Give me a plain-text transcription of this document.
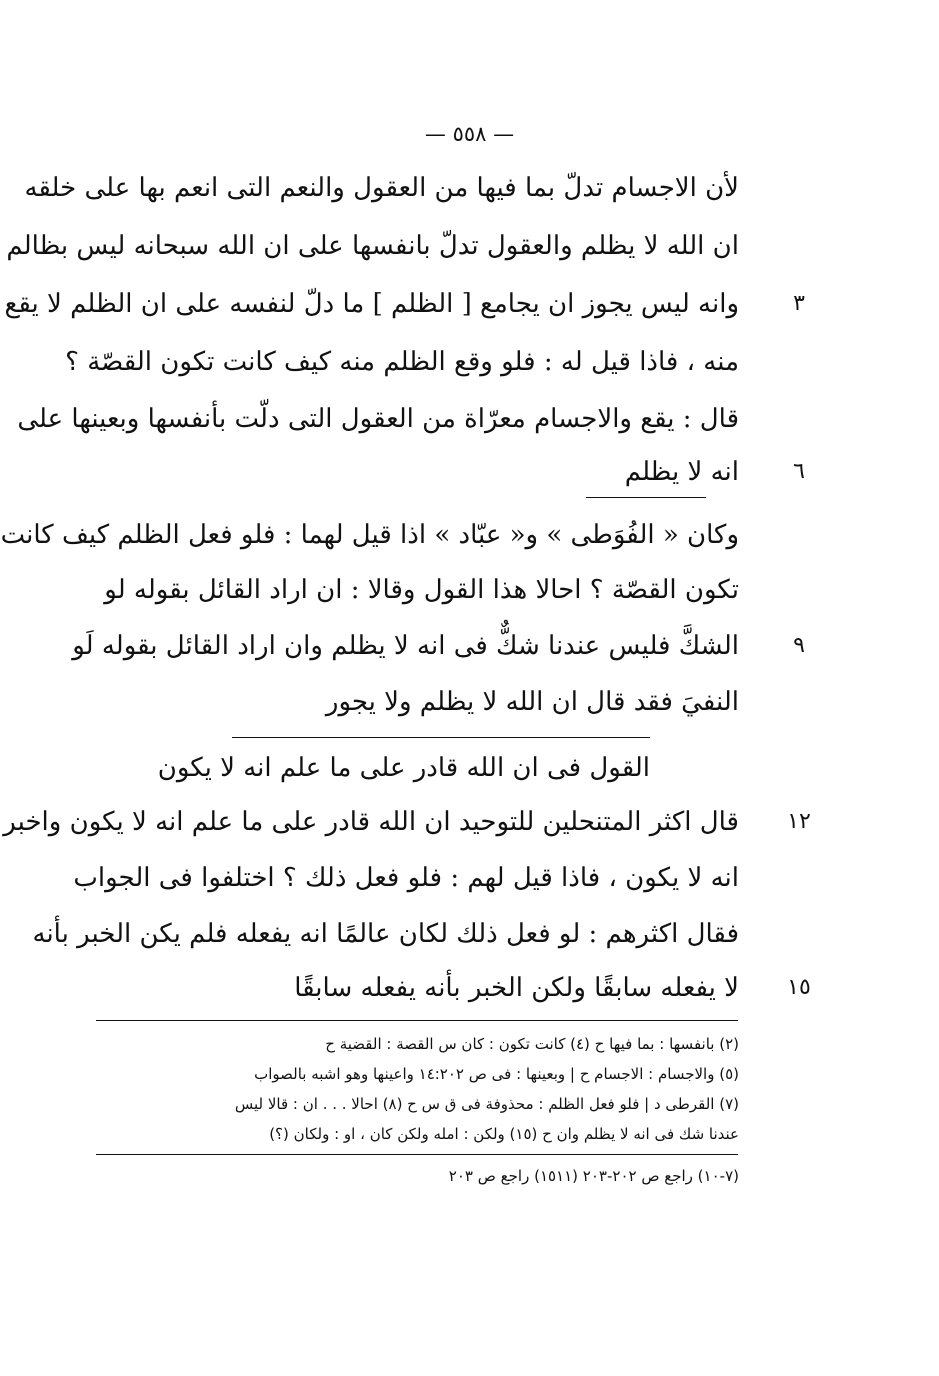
— ٥٥٨ —
لأن الاجسام تدلّ بما فيها من العقول والنعم التى انعم بها على خلقه
ان الله لا يظلم والعقول تدلّ بانفسها على ان الله سبحانه ليس بظالم
وانه ليس يجوز ان يجامع [ الظلم ] ما دلّ لنفسه على ان الظلم لا يقع	٣
منه ، فاذا قيل له : فلو وقع الظلم منه كيف كانت تكون القصّة ؟
قال : يقع والاجسام معرّاة من العقول التى دلّت بأنفسها وبعينها على
انه لا يظلم	٦
وكان « الفُوَطى » و« عبّاد » اذا قيل لهما : فلو فعل الظلم كيف كانت
تكون القصّة ؟ احالا هذا القول وقالا : ان اراد القائل بقوله لو
الشكَّ فليس عندنا شكٌّ فى انه لا يظلم وان اراد القائل بقوله لَو	٩
النفيَ فقد قال ان الله لا يظلم ولا يجور
القول فى ان الله قادر على ما علم انه لا يكون
قال اكثر المتنحلين للتوحيد ان الله قادر على ما علم انه لا يكون واخبر	١٢
انه لا يكون ، فاذا قيل لهم : فلو فعل ذلك ؟ اختلفوا فى الجواب
فقال اكثرهم : لو فعل ذلك لكان عالمًا انه يفعله فلم يكن الخبر بأنه
لا يفعله سابقًا ولكن الخبر بأنه يفعله سابقًا	١٥
(٢) بانفسها : بما فيها ح (٤) كانت تكون : كان س القصة : القضية ح
(٥) والاجسام : الاجسام ح | وبعينها : فى ص ١٤:٢٠٢ واعينها وهو اشبه بالصواب
(٧) القرطى د | فلو فعل الظلم : محذوفة فى ق س ح (٨) احالا . . . ان : قالا ليس
عندنا شك فى انه لا يظلم وان ح (١٥) ولكن : امله ولكن كان ، او : ولكان (؟)
(٧-١٠) راجع ص ٢٠٢-٢٠٣ (١٥١١) راجع ص ٢٠٣
